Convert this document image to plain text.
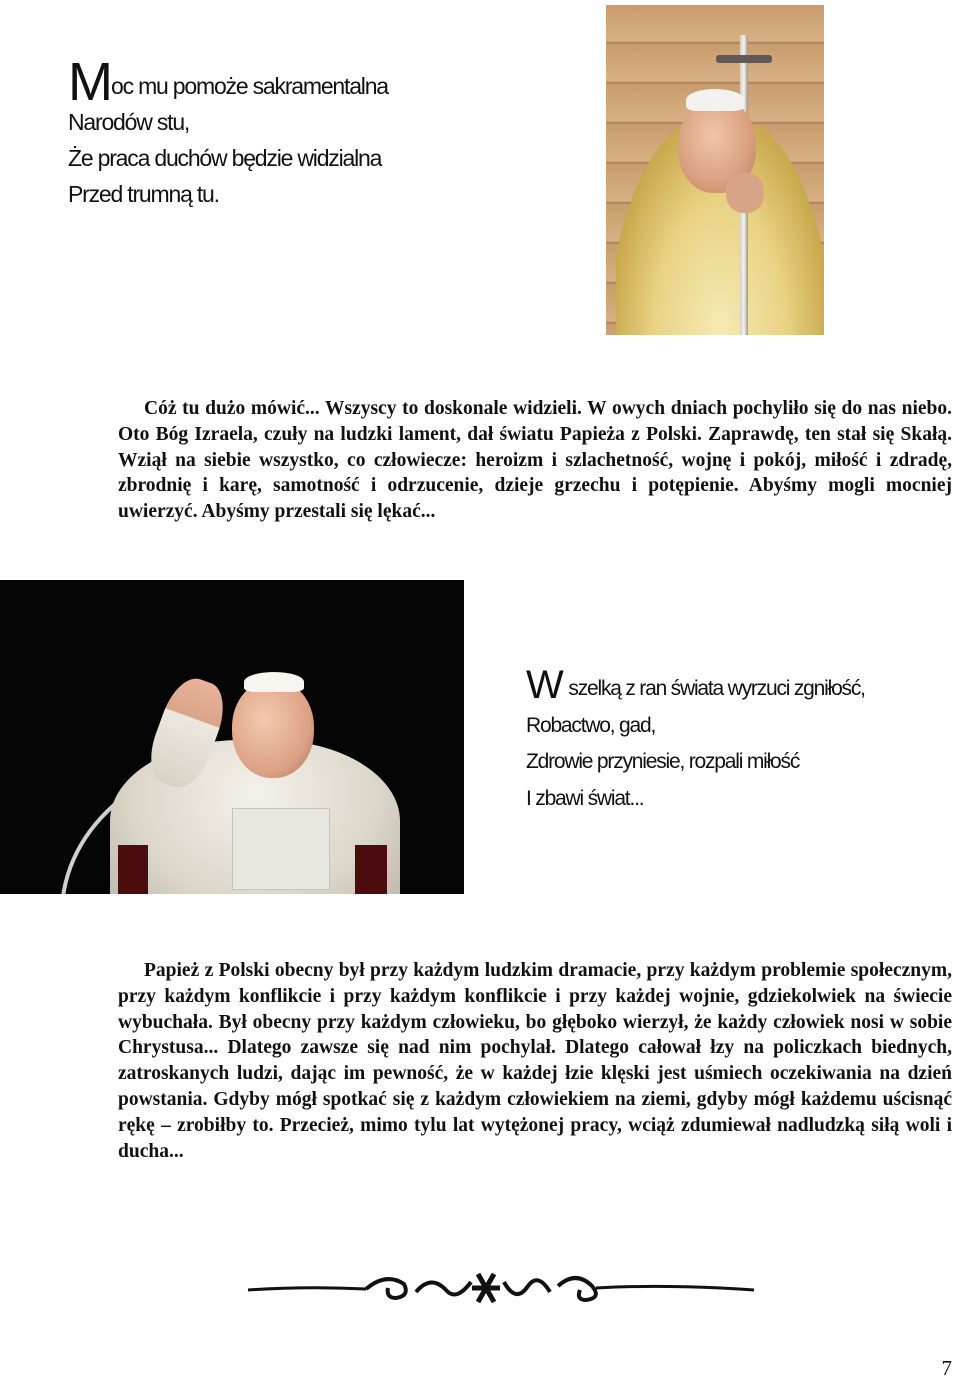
Moc mu pomoże sakramentalna
Narodów stu,
Że praca duchów będzie widzialna
Przed trumną tu.
Cóż tu dużo mówić... Wszyscy to doskonale widzieli. W owych dniach pochyliło się do nas niebo. Oto Bóg Izraela, czuły na ludzki lament, dał światu Papieża z Polski. Zaprawdę, ten stał się Skałą. Wziął na siebie wszystko, co człowiecze: heroizm i szlachetność, wojnę i pokój, miłość i zdradę, zbrodnię i karę, samotność i odrzucenie, dzieje grzechu i potępienie. Abyśmy mogli mocniej uwierzyć. Abyśmy przestali się lękać...
W szelką z ran świata wyrzuci zgniłość,
Robactwo, gad,
Zdrowie przyniesie, rozpali miłość
I zbawi świat...
Papież z Polski obecny był przy każdym ludzkim dramacie, przy każdym problemie społecznym, przy każdym konflikcie i przy każdym konflikcie i przy każdej wojnie, gdziekolwiek na świecie wybuchała. Był obecny przy każdym człowieku, bo głęboko wierzył, że każdy człowiek nosi w sobie Chrystusa... Dlatego zawsze się nad nim pochylał. Dlatego całował łzy na policzkach biednych, zatroskanych ludzi, dając im pewność, że w każdej łzie klęski jest uśmiech oczekiwania na dzień powstania. Gdyby mógł spotkać się z każdym człowiekiem na ziemi, gdyby mógł każdemu uścisnąć rękę – zrobiłby to. Przecież, mimo tylu lat wytężonej pracy, wciąż zdumiewał nadludzką siłą woli i ducha...
7
